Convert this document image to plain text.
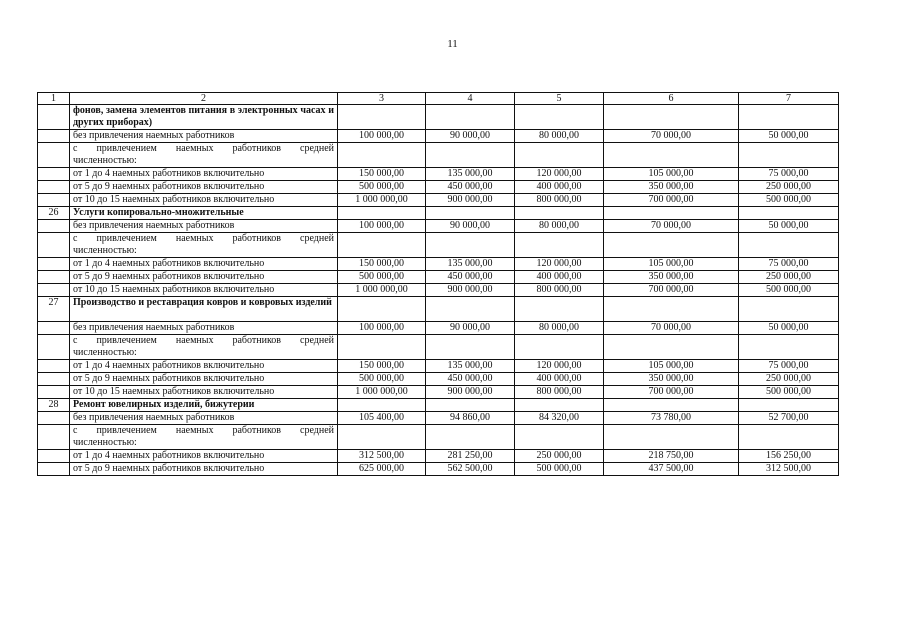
11
1	2	3	4	5	6	7
	фонов, замена элементов питания в электронных часах и других приборах)					
	без привлечения наемных работников	100 000,00	90 000,00	80 000,00	70 000,00	50 000,00
	с привлечением наемных работников средней численностью:					
	от 1 до 4 наемных работников включительно	150 000,00	135 000,00	120 000,00	105 000,00	75 000,00
	от 5 до 9 наемных работников включительно	500 000,00	450 000,00	400 000,00	350 000,00	250 000,00
	от 10 до 15 наемных работников включительно	1 000 000,00	900 000,00	800 000,00	700 000,00	500 000,00
26	Услуги копировально-множительные					
	без привлечения наемных работников	100 000,00	90 000,00	80 000,00	70 000,00	50 000,00
	с привлечением наемных работников средней численностью:					
	от 1 до 4 наемных работников включительно	150 000,00	135 000,00	120 000,00	105 000,00	75 000,00
	от 5 до 9 наемных работников включительно	500 000,00	450 000,00	400 000,00	350 000,00	250 000,00
	от 10 до 15 наемных работников включительно	1 000 000,00	900 000,00	800 000,00	700 000,00	500 000,00
27	Производство и реставрация ковров и ковровых изделий					
	без привлечения наемных работников	100 000,00	90 000,00	80 000,00	70 000,00	50 000,00
	с привлечением наемных работников средней численностью:					
	от 1 до 4 наемных работников включительно	150 000,00	135 000,00	120 000,00	105 000,00	75 000,00
	от 5 до 9 наемных работников включительно	500 000,00	450 000,00	400 000,00	350 000,00	250 000,00
	от 10 до 15 наемных работников включительно	1 000 000,00	900 000,00	800 000,00	700 000,00	500 000,00
28	Ремонт ювелирных изделий, бижутерии					
	без привлечения наемных работников	105 400,00	94 860,00	84 320,00	73 780,00	52 700,00
	с привлечением наемных работников средней численностью:					
	от 1 до 4 наемных работников включительно	312 500,00	281 250,00	250 000,00	218 750,00	156 250,00
	от 5 до 9 наемных работников включительно	625 000,00	562 500,00	500 000,00	437 500,00	312 500,00
